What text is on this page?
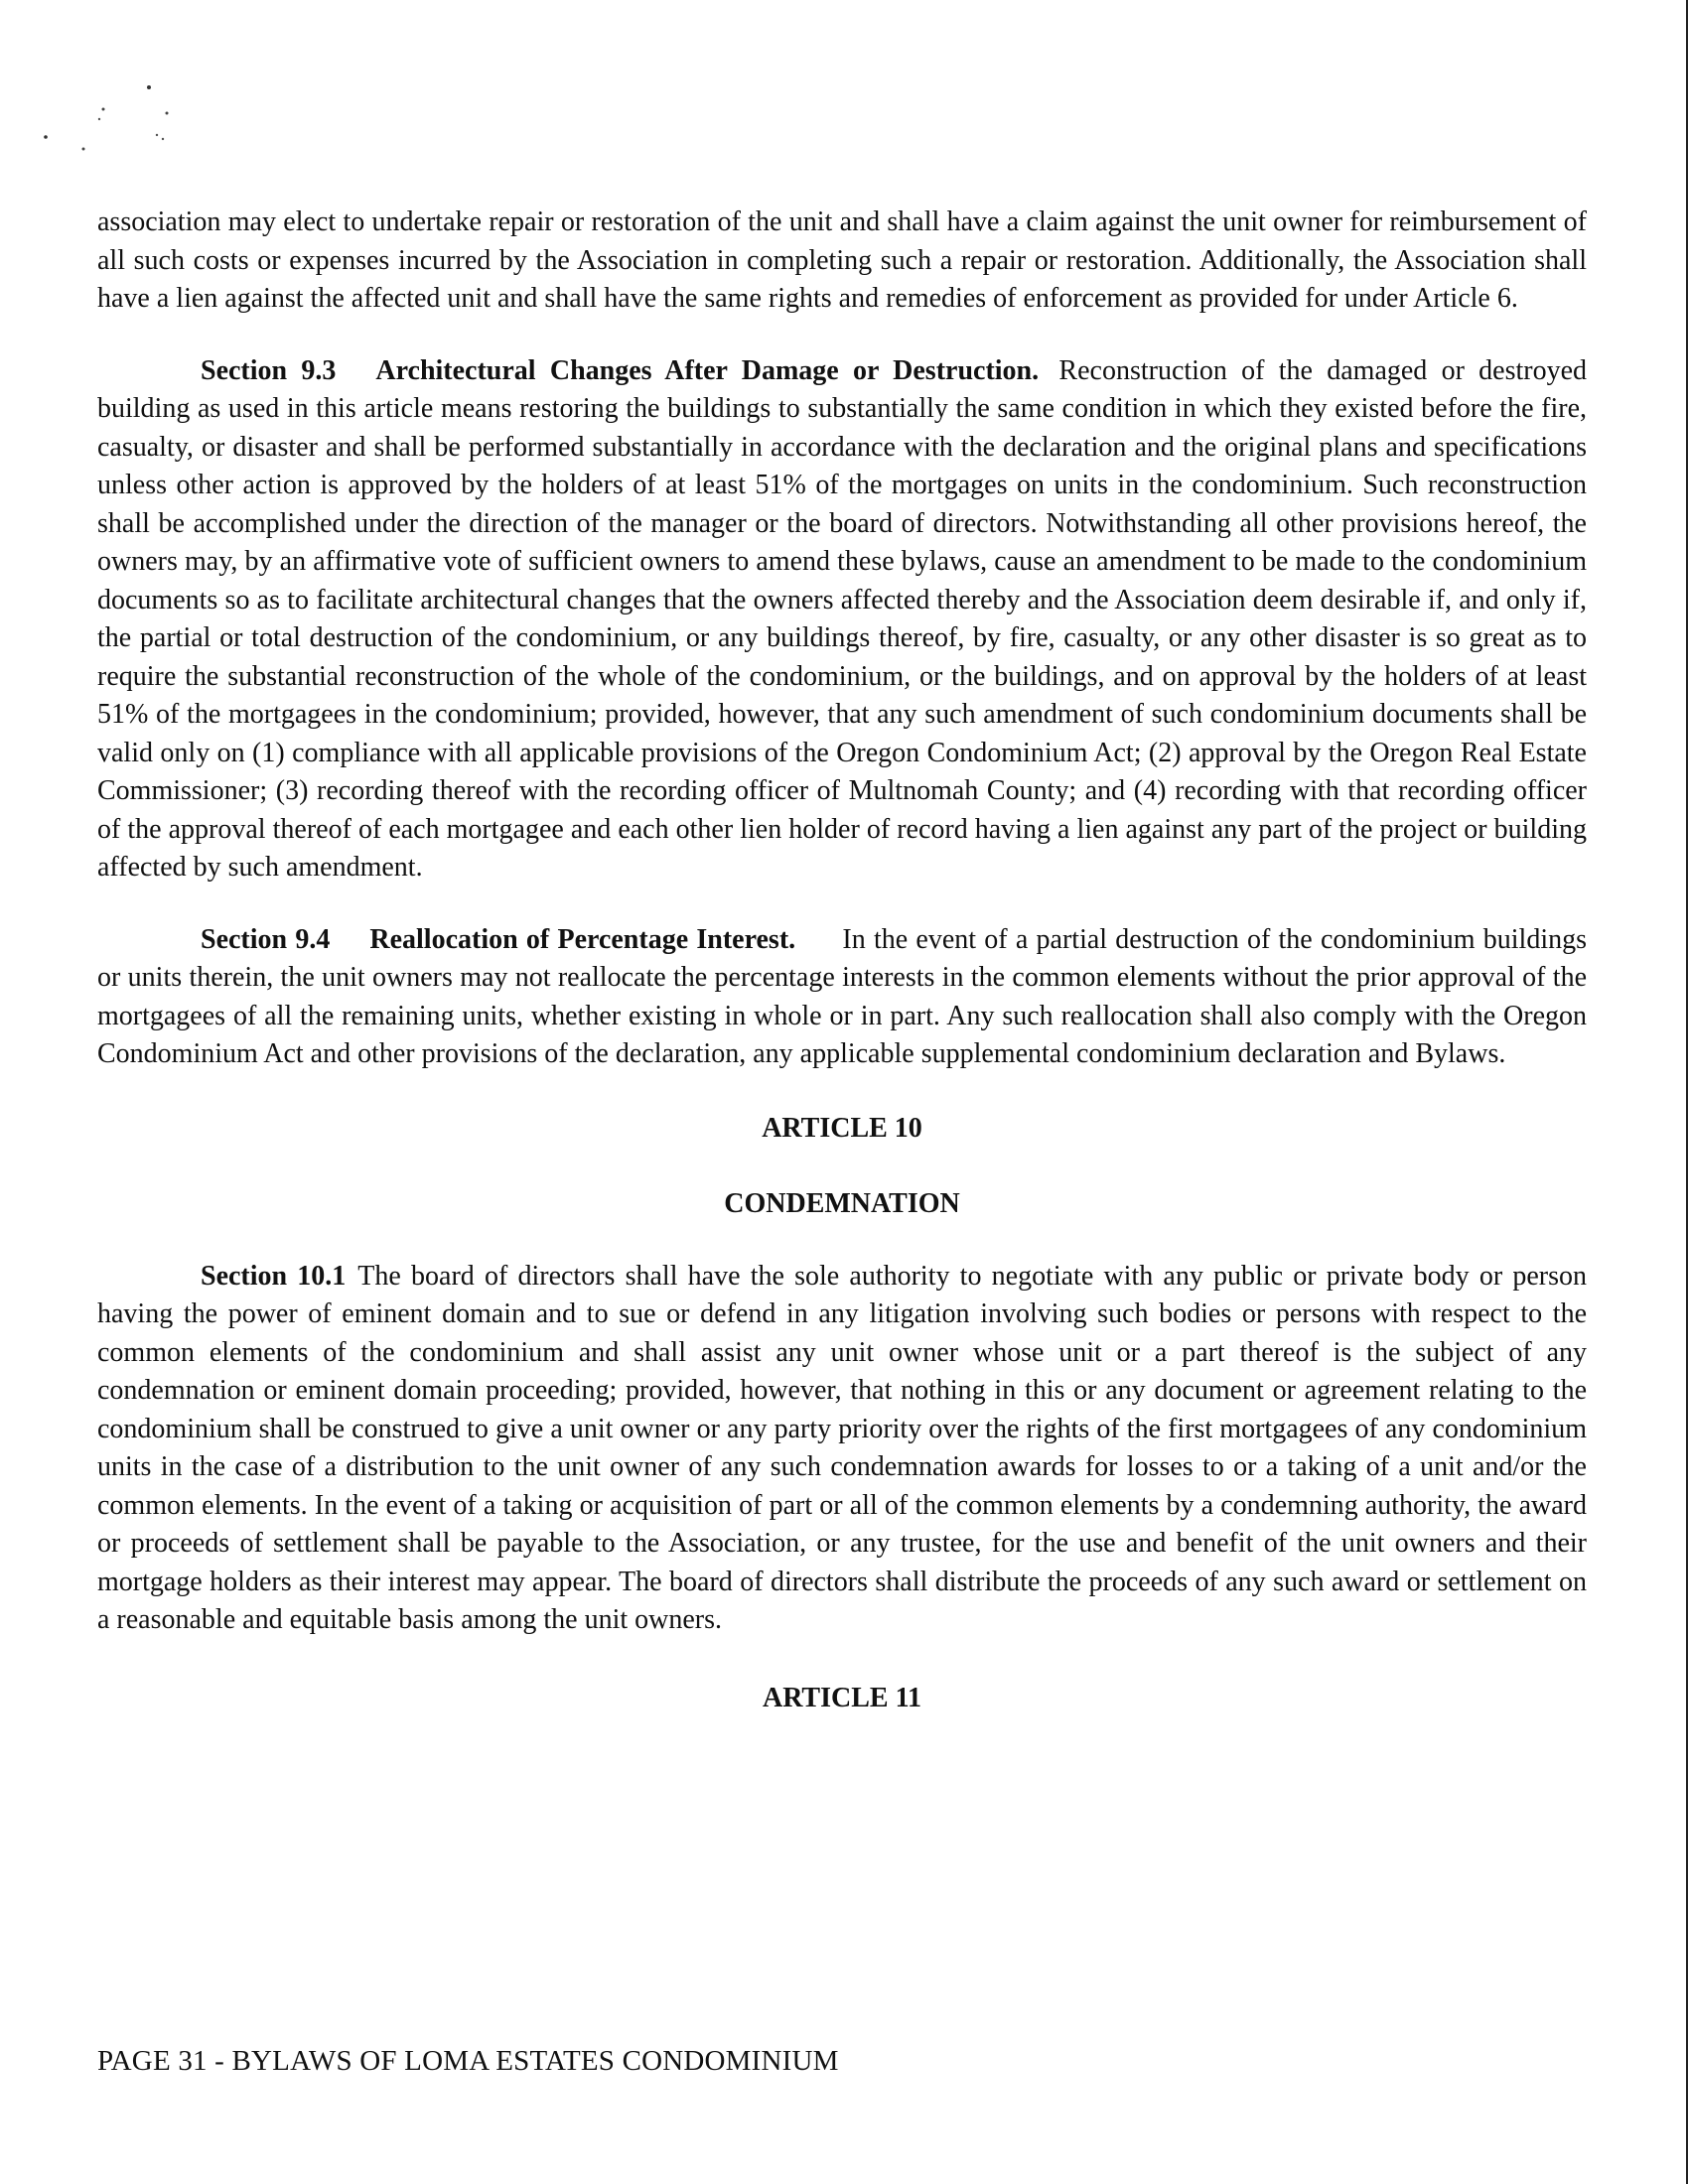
association may elect to undertake repair or restoration of the unit and shall have a claim against the unit owner for reimbursement of all such costs or expenses incurred by the Association in completing such a repair or restoration. Additionally, the Association shall have a lien against the affected unit and shall have the same rights and remedies of enforcement as provided for under Article 6.

Section 9.3 Architectural Changes After Damage or Destruction. Reconstruction of the damaged or destroyed building as used in this article means restoring the buildings to substantially the same condition in which they existed before the fire, casualty, or disaster and shall be performed substantially in accordance with the declaration and the original plans and specifications unless other action is approved by the holders of at least 51% of the mortgages on units in the condominium. Such reconstruction shall be accomplished under the direction of the manager or the board of directors. Notwithstanding all other provisions hereof, the owners may, by an affirmative vote of sufficient owners to amend these bylaws, cause an amendment to be made to the condominium documents so as to facilitate architectural changes that the owners affected thereby and the Association deem desirable if, and only if, the partial or total destruction of the condominium, or any buildings thereof, by fire, casualty, or any other disaster is so great as to require the substantial reconstruction of the whole of the condominium, or the buildings, and on approval by the holders of at least 51% of the mortgagees in the condominium; provided, however, that any such amendment of such condominium documents shall be valid only on (1) compliance with all applicable provisions of the Oregon Condominium Act; (2) approval by the Oregon Real Estate Commissioner; (3) recording thereof with the recording officer of Multnomah County; and (4) recording with that recording officer of the approval thereof of each mortgagee and each other lien holder of record having a lien against any part of the project or building affected by such amendment.

Section 9.4 Reallocation of Percentage Interest. In the event of a partial destruction of the condominium buildings or units therein, the unit owners may not reallocate the percentage interests in the common elements without the prior approval of the mortgagees of all the remaining units, whether existing in whole or in part. Any such reallocation shall also comply with the Oregon Condominium Act and other provisions of the declaration, any applicable supplemental condominium declaration and Bylaws.

ARTICLE 10

CONDEMNATION

Section 10.1 The board of directors shall have the sole authority to negotiate with any public or private body or person having the power of eminent domain and to sue or defend in any litigation involving such bodies or persons with respect to the common elements of the condominium and shall assist any unit owner whose unit or a part thereof is the subject of any condemnation or eminent domain proceeding; provided, however, that nothing in this or any document or agreement relating to the condominium shall be construed to give a unit owner or any party priority over the rights of the first mortgagees of any condominium units in the case of a distribution to the unit owner of any such condemnation awards for losses to or a taking of a unit and/or the common elements. In the event of a taking or acquisition of part or all of the common elements by a condemning authority, the award or proceeds of settlement shall be payable to the Association, or any trustee, for the use and benefit of the unit owners and their mortgage holders as their interest may appear. The board of directors shall distribute the proceeds of any such award or settlement on a reasonable and equitable basis among the unit owners.

ARTICLE 11

PAGE 31 - BYLAWS OF LOMA ESTATES CONDOMINIUM
